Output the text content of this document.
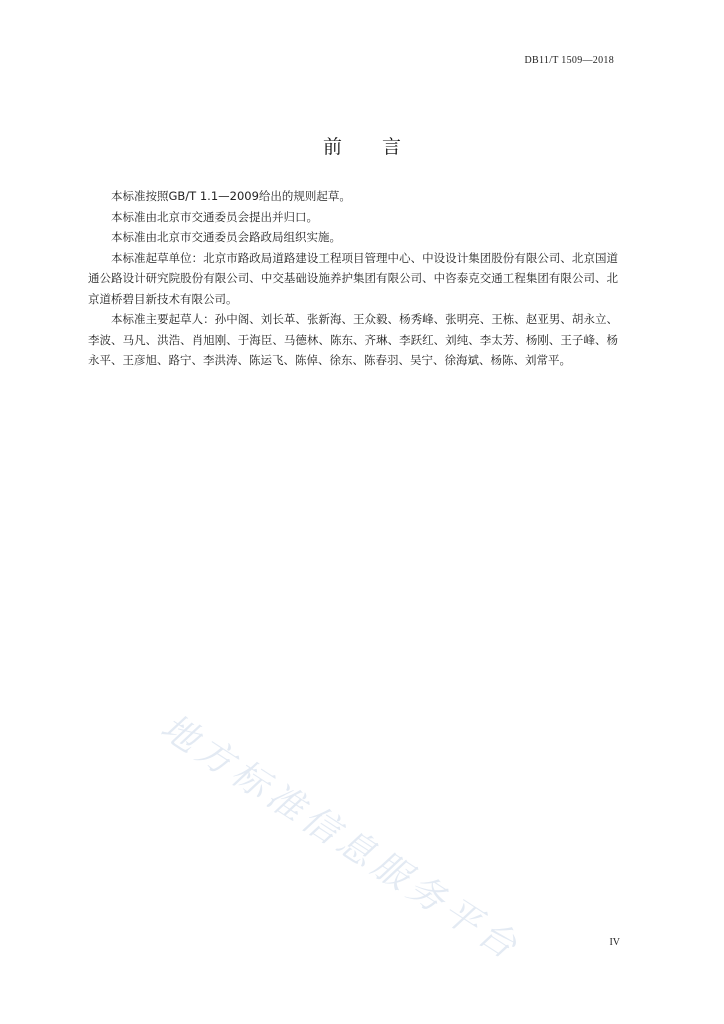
DB11/T 1509—2018
前言

本标准按照GB/T 1.1—2009给出的规则起草。

本标准由北京市交通委员会提出并归口。

本标准由北京市交通委员会路政局组织实施。

本标准起草单位：北京市路政局道路建设工程项目管理中心、中设设计集团股份有限公司、北京国道通公路设计研究院股份有限公司、中交基础设施养护集团有限公司、中咨泰克交通工程集团有限公司、北京道桥碧目新技术有限公司。

本标准主要起草人：孙中阁、刘长革、张新海、王众毅、杨秀峰、张明亮、王栋、赵亚男、胡永立、李波、马凡、洪浩、肖旭刚、于海臣、马德林、陈东、齐琳、李跃红、刘纯、李太芳、杨刚、王子峰、杨永平、王彦旭、路宁、李洪涛、陈运飞、陈倬、徐东、陈春羽、吴宁、徐海斌、杨陈、刘常平。

地方标准信息服务平台	IV
